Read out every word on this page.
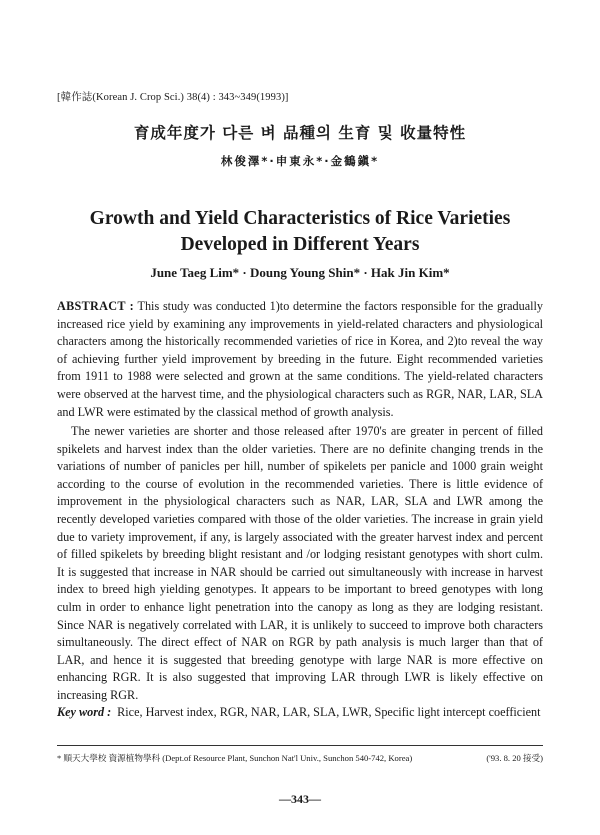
[韓作誌(Korean J. Crop Sci.) 38(4) : 343~349(1993)]
育成年度가 다른 벼 品種의 生育 및 收量特性
林俊澤*·申東永*·金鶴鎭*
Growth and Yield Characteristics of Rice Varieties
Developed in Different Years
June Taeg Lim* · Doung Young Shin* · Hak Jin Kim*

ABSTRACT : This study was conducted 1)to determine the factors responsible for the gradually increased rice yield by examining any improvements in yield-related characters and physiological characters among the historically recommended varieties of rice in Korea, and 2)to reveal the way of achieving further yield improvement by breeding in the future. Eight recommended varieties from 1911 to 1988 were selected and grown at the same conditions. The yield-related characters were observed at the harvest time, and the physiological characters such as RGR, NAR, LAR, SLA and LWR were estimated by the classical method of growth analysis.

The newer varieties are shorter and those released after 1970's are greater in percent of filled spikelets and harvest index than the older varieties. There are no definite changing trends in the variations of number of panicles per hill, number of spikelets per panicle and 1000 grain weight according to the course of evolution in the recommended varieties. There is little evidence of improvement in the physiological characters such as NAR, LAR, SLA and LWR among the recently developed varieties compared with those of the older varieties. The increase in grain yield due to variety improvement, if any, is largely associated with the greater harvest index and percent of filled spikelets by breeding blight resistant and /or lodging resistant genotypes with short culm. It is suggested that increase in NAR should be carried out simultaneously with increase in harvest index to breed high yielding genotypes. It appears to be important to breed genotypes with long culm in order to enhance light penetration into the canopy as long as they are lodging resistant. Since NAR is negatively correlated with LAR, it is unlikely to succeed to improve both characters simultaneously. The direct effect of NAR on RGR by path analysis is much larger than that of LAR, and hence it is suggested that breeding genotype with large NAR is more effective on enhancing RGR. It is also suggested that improving LAR through LWR is likely effective on increasing RGR.

Key word : Rice, Harvest index, RGR, NAR, LAR, SLA, LWR, Specific light intercept coefficient
* 順天大學校 資源植物學科 (Dept.of Resource Plant, Sunchon Nat'l Univ., Sunchon 540-742, Korea)	('93. 8. 20 接受)
—343—
